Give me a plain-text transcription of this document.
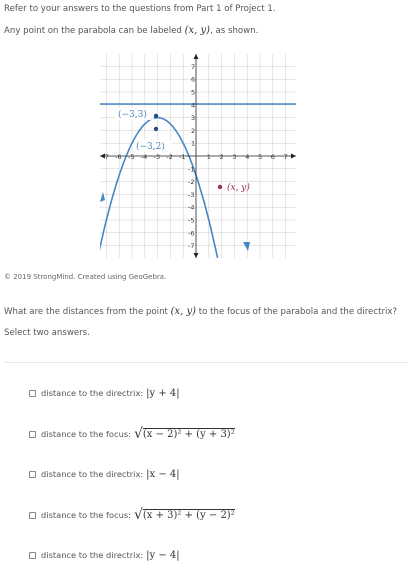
Refer to your answers to the questions from Part 1 of Project 1.
Any point on the parabola can be labeled (x, y), as shown.
-7 -6 -5 -4 -3 -2 -1	1 2 3 4 5 6 7
7
6
5
4
3
2
1
-1
-2
-3
-4
-5
-6
-7
(−3,3)
(−3,2)
(x, y)
© 2019 StrongMind. Created using GeoGebra.
What are the distances from the point (x, y) to the focus of the parabola and the directrix?
Select two answers.
distance to the directrix: |y + 4|
distance to the focus: √ (x − 2)² + (y + 3)²
distance to the directrix: |x − 4|
distance to the focus: √ (x + 3)² + (y − 2)²
distance to the directrix: |y − 4|
